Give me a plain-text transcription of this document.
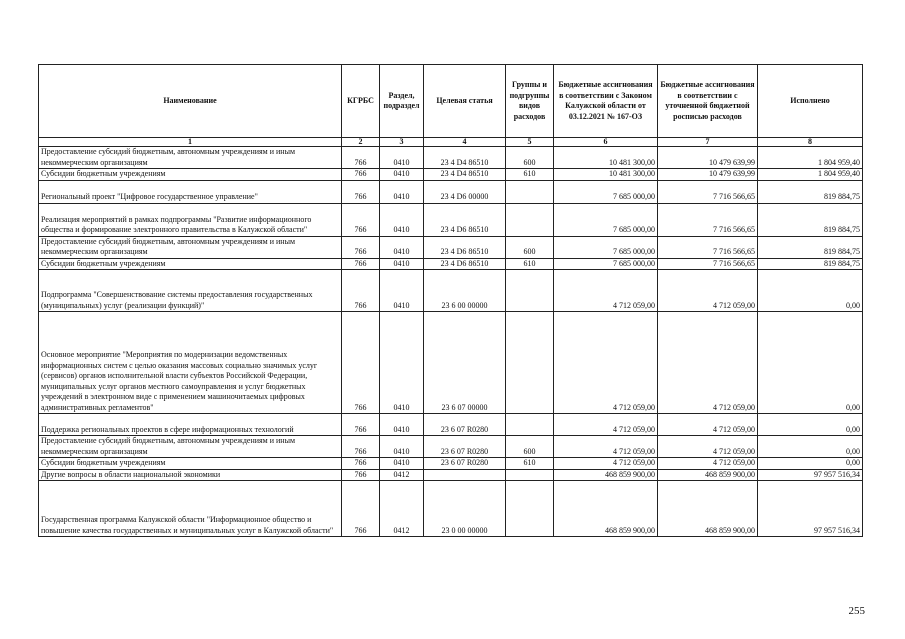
Наименование	КГРБС	Раздел, подраздел	Целевая статья	Группы и подгруппы видов расходов	Бюджетные ассигнования в соответствии с Законом Калужской области от 03.12.2021 № 167-ОЗ	Бюджетные ассигнования в соответствии с уточненной бюджетной росписью расходов	Исполнено
1	2	3	4	5	6	7	8
Предоставление субсидий бюджетным, автономным учреждениям и иным некоммерческим организациям	766	0410	23 4 D4 86510	600	10 481 300,00	10 479 639,99	1 804 959,40
Субсидии бюджетным учреждениям	766	0410	23 4 D4 86510	610	10 481 300,00	10 479 639,99	1 804 959,40
Региональный проект "Цифровое государственное управление"	766	0410	23 4 D6 00000		7 685 000,00	7 716 566,65	819 884,75
Реализация мероприятий в рамках подпрограммы "Развитие информационного общества и формирование электронного правительства в Калужской области"	766	0410	23 4 D6 86510		7 685 000,00	7 716 566,65	819 884,75
Предоставление субсидий бюджетным, автономным учреждениям и иным некоммерческим организациям	766	0410	23 4 D6 86510	600	7 685 000,00	7 716 566,65	819 884,75
Субсидии бюджетным учреждениям	766	0410	23 4 D6 86510	610	7 685 000,00	7 716 566,65	819 884,75
Подпрограмма "Совершенствование системы предоставления государственных (муниципальных) услуг (реализации функций)"	766	0410	23 6 00 00000		4 712 059,00	4 712 059,00	0,00
Основное мероприятие "Мероприятия по модернизации ведомственных информационных систем с целью оказания массовых социально значимых услуг (сервисов) органов исполнительной власти субъектов Российской Федерации, муниципальных услуг органов местного самоуправления и услуг бюджетных учреждений в электронном виде с применением машиночитаемых цифровых административных регламентов"	766	0410	23 6 07 00000		4 712 059,00	4 712 059,00	0,00
Поддержка региональных проектов в сфере информационных технологий	766	0410	23 6 07 R0280		4 712 059,00	4 712 059,00	0,00
Предоставление субсидий бюджетным, автономным учреждениям и иным некоммерческим организациям	766	0410	23 6 07 R0280	600	4 712 059,00	4 712 059,00	0,00
Субсидии бюджетным учреждениям	766	0410	23 6 07 R0280	610	4 712 059,00	4 712 059,00	0,00
Другие вопросы в области национальной экономики	766	0412			468 859 900,00	468 859 900,00	97 957 516,34
Государственная программа Калужской области "Информационное общество и повышение качества государственных и муниципальных услуг в Калужской области"	766	0412	23 0 00 00000		468 859 900,00	468 859 900,00	97 957 516,34
255
